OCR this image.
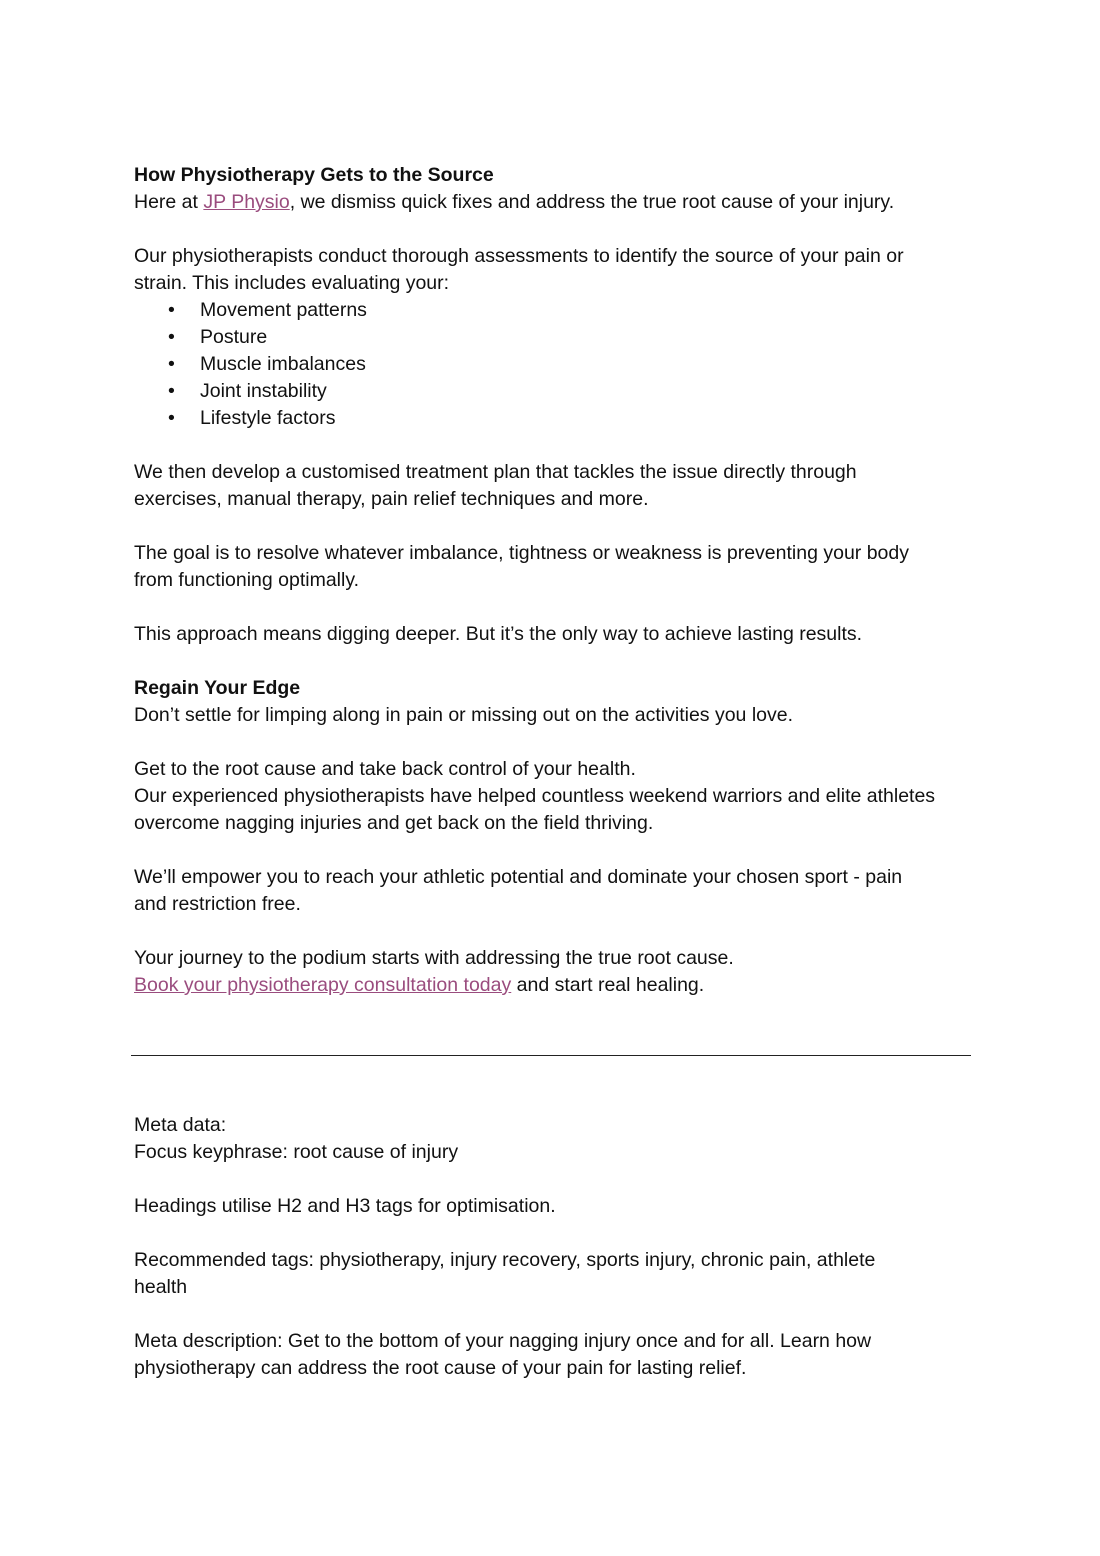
How Physiotherapy Gets to the Source

Here at JP Physio, we dismiss quick fixes and address the true root cause of your injury.

Our physiotherapists conduct thorough assessments to identify the source of your pain or

strain. This includes evaluating your:

• Movement patterns
• Posture
• Muscle imbalances
• Joint instability
• Lifestyle factors

We then develop a customised treatment plan that tackles the issue directly through

exercises, manual therapy, pain relief techniques and more.

The goal is to resolve whatever imbalance, tightness or weakness is preventing your body

from functioning optimally.

This approach means digging deeper. But it’s the only way to achieve lasting results.

Regain Your Edge

Don’t settle for limping along in pain or missing out on the activities you love.

Get to the root cause and take back control of your health.

Our experienced physiotherapists have helped countless weekend warriors and elite athletes

overcome nagging injuries and get back on the field thriving.

We’ll empower you to reach your athletic potential and dominate your chosen sport - pain

and restriction free.

Your journey to the podium starts with addressing the true root cause.

Book your physiotherapy consultation today and start real healing.

Meta data:

Focus keyphrase: root cause of injury

Headings utilise H2 and H3 tags for optimisation.

Recommended tags: physiotherapy, injury recovery, sports injury, chronic pain, athlete

health

Meta description: Get to the bottom of your nagging injury once and for all. Learn how

physiotherapy can address the root cause of your pain for lasting relief.
